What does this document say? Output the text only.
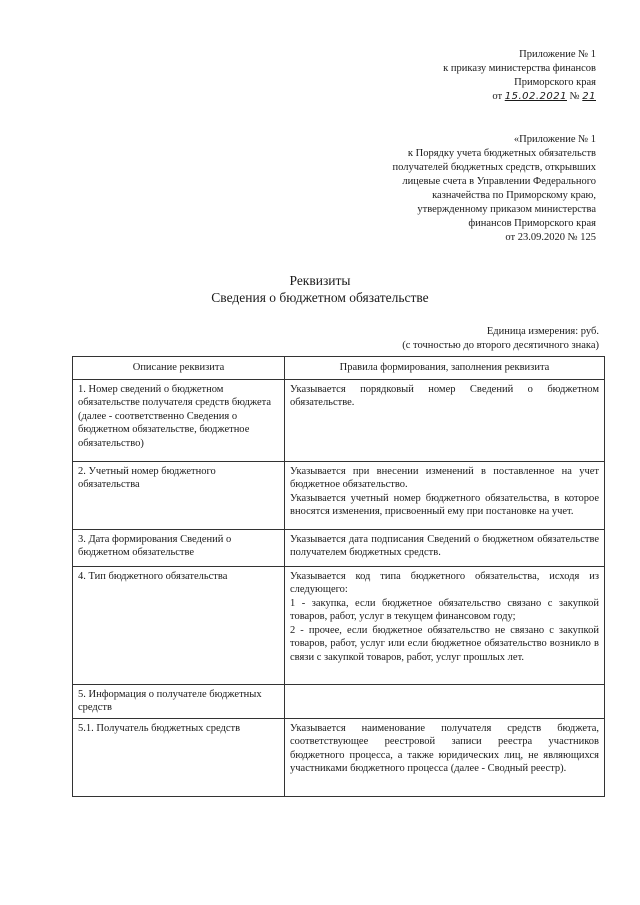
Приложение № 1
к приказу министерства финансов
Приморского края
от 15.02.2021 № 21
«Приложение № 1
к Порядку учета бюджетных обязательств
получателей бюджетных средств, открывших
лицевые счета в Управлении Федерального
казначейства по Приморскому краю,
утвержденному приказом министерства
финансов Приморского края
от 23.09.2020 № 125
Реквизиты
Сведения о бюджетном обязательстве
Единица измерения: руб.
(с точностью до второго десятичного знака)
Описание реквизита	Правила формирования, заполнения реквизита
1. Номер сведений о бюджетном обязательстве получателя средств бюджета (далее - соответственно Сведения о бюджетном обязательстве, бюджетное обязательство)	Указывается порядковый номер Сведений о бюджетном обязательстве.
2. Учетный номер бюджетного обязательства	Указывается при внесении изменений в поставленное на учет бюджетное обязательство.
Указывается учетный номер бюджетного обязательства, в которое вносятся изменения, присвоенный ему при постановке на учет.
3. Дата формирования Сведений о бюджетном обязательстве	Указывается дата подписания Сведений о бюджетном обязательстве получателем бюджетных средств.
4. Тип бюджетного обязательства	Указывается код типа бюджетного обязательства, исходя из следующего:
1 - закупка, если бюджетное обязательство связано с закупкой товаров, работ, услуг в текущем финансовом году;
2 - прочее, если бюджетное обязательство не связано с закупкой товаров, работ, услуг или если бюджетное обязательство возникло в связи с закупкой товаров, работ, услуг прошлых лет.
5. Информация о получателе бюджетных средств	
5.1. Получатель бюджетных средств	Указывается наименование получателя средств бюджета, соответствующее реестровой записи реестра участников бюджетного процесса, а также юридических лиц, не являющихся участниками бюджетного процесса (далее - Сводный реестр).
